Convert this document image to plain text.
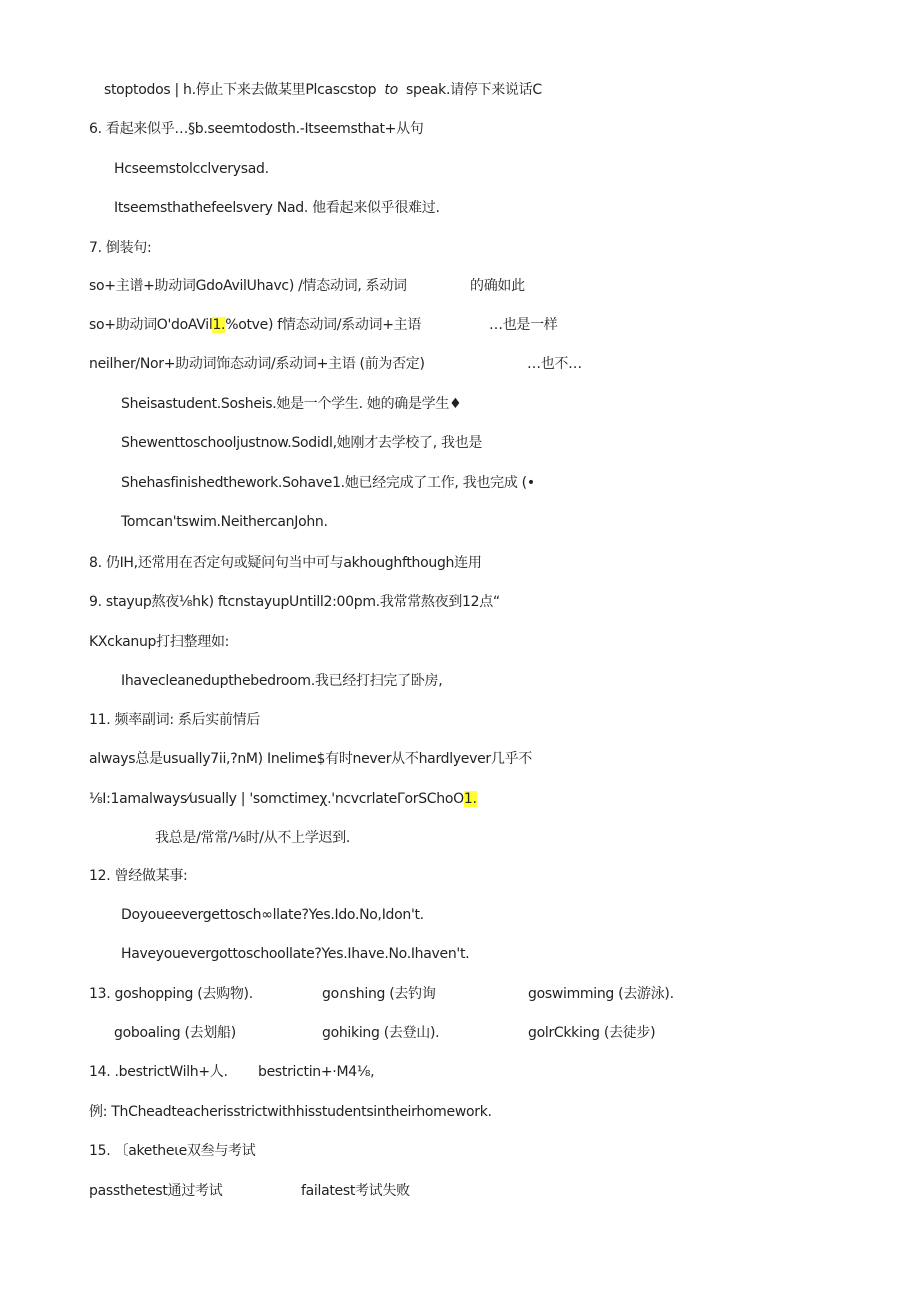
stoptodos | h.停止下来去做某里Plcascstop to speak.请停下来说话C
6. 看起来似乎…§b.seemtodosth.-Itseemsthat+从句
Hcseemstolcclverysad.
Itseemsthathefeelsvery Nad. 他看起来似乎很难过.
7. 倒装句:
so+主谱+助动词GdoAvilUhavc) /情态动词, 系动词	的确如此
so+助动词O'doAVil1.%otve) f情态动词/系动词+主语	…也是一样
neilher/Nor+助动词饰态动词/系动词+主语 (前为否定)	…也不…
Sheisastudent.Sosheis.她是一个学生. 她的确是学生♦
Shewenttoschooljustnow.Sodidl,她刚才去学校了, 我也是
Shehasfinishedthework.Sohave1.她已经完成了工作, 我也完成 (•
Tomcan'tswim.NeithercanJohn.
8. 仍IH,还常用在否定句或疑问句当中可与akhoughfthough连用
9. stayup熬夜⅛hk) ftcnstayupUntill2:00pm.我常常熬夜到12点“
KXckanup打扫整理如:
Ihavecleanedupthebedroom.我已经打扫完了卧房,
11. 频率副词: 系后实前情后
always总是usually7ii,?nM) Inelime$有时never从不hardlyever几乎不
⅛I:1amalways⁄usually | 'somctimeχ.'ncvcrlateΓorSChoO1.
我总是/常常/⅛时/从不上学迟到.
12. 曾经做某事:
Doyoueevergettosch∞llate?Yes.Ido.No,Idon't.
Haveyouevergottoschoollate?Yes.Ihave.No.Ihaven't.
13. goshopping (去购物).	go∩shing (去钓询	goswimming (去游泳).
goboaling (去划船)	gohiking (去登山).	golrCkking (去徒步)
14. .bestrictWilh+人. bestrictin+·M4⅛,
例: ThCheadteacherisstrictwithhisstudentsintheirhomework.
15. 〔aketheιe双叁与考试
passthetest通过考试	failatest考试失败
